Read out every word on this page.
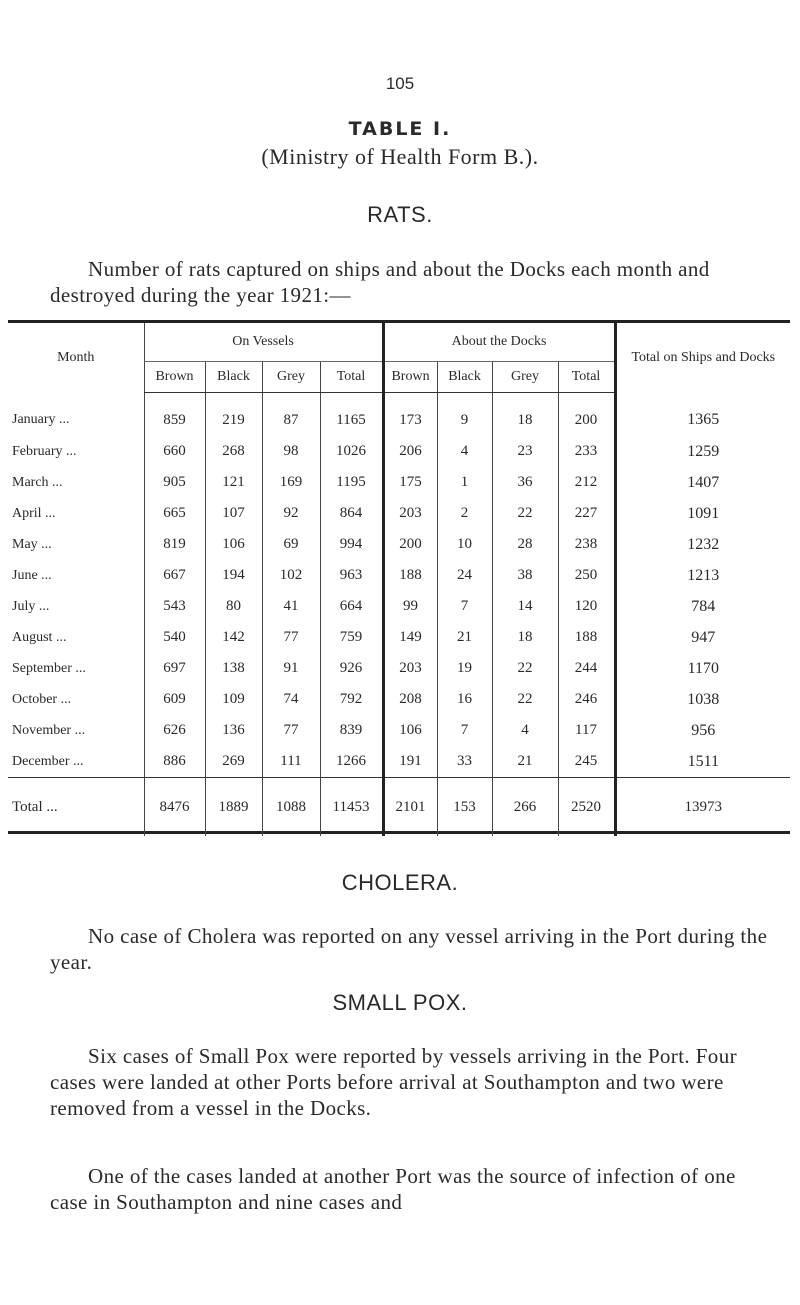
105
TABLE I.
(Ministry of Health Form B.).
RATS.
Number of rats captured on ships and about the Docks each month and destroyed during the year 1921:—
Month	On Vessels				About the Docks				Total on Ships and Docks
	Brown	Black	Grey	Total	Brown	Black	Grey	Total	
January ...	859	219	87	1165	173	9	18	200	1365
February ...	660	268	98	1026	206	4	23	233	1259
March ...	905	121	169	1195	175	1	36	212	1407
April ...	665	107	92	864	203	2	22	227	1091
May ...	819	106	69	994	200	10	28	238	1232
June ...	667	194	102	963	188	24	38	250	1213
July ...	543	80	41	664	99	7	14	120	784
August ...	540	142	77	759	149	21	18	188	947
September ...	697	138	91	926	203	19	22	244	1170
October ...	609	109	74	792	208	16	22	246	1038
November ...	626	136	77	839	106	7	4	117	956
December ...	886	269	111	1266	191	33	21	245	1511
Total ...	8476	1889	1088	11453	2101	153	266	2520	13973
CHOLERA.
No case of Cholera was reported on any vessel arriving in the Port during the year.
SMALL POX.
Six cases of Small Pox were reported by vessels arriving in the Port. Four cases were landed at other Ports before arrival at Southampton and two were removed from a vessel in the Docks.
One of the cases landed at another Port was the source of infection of one case in Southampton and nine cases and
